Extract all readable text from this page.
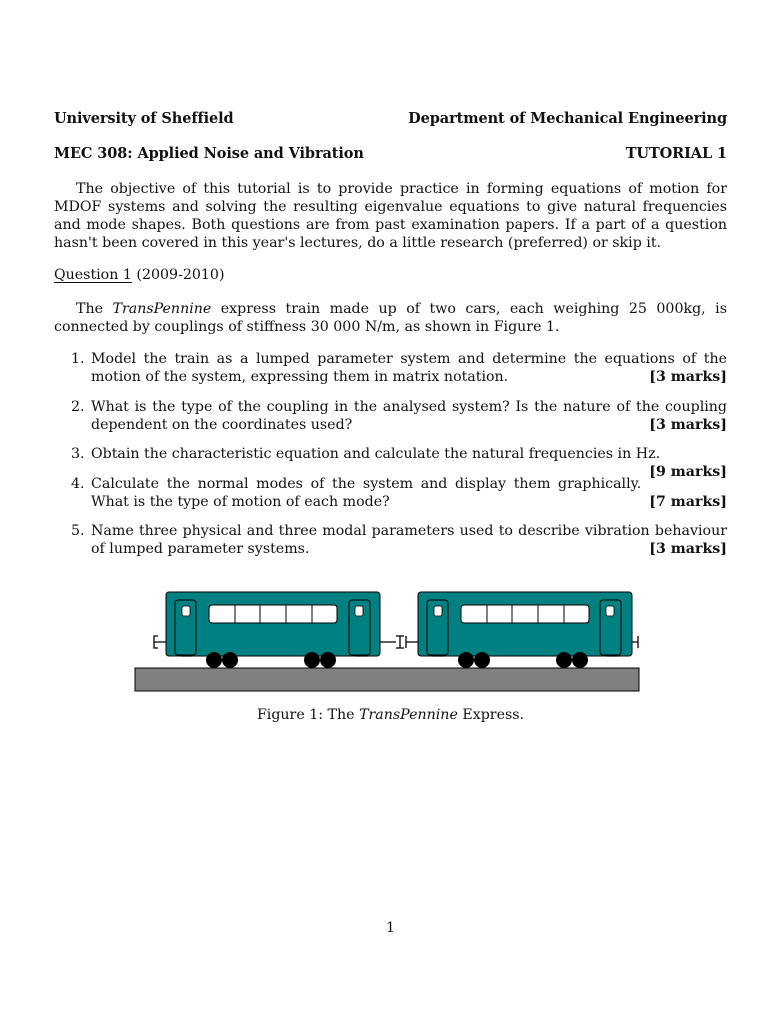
University of Sheffield	Department of Mechanical Engineering
MEC 308: Applied Noise and Vibration	TUTORIAL 1
The objective of this tutorial is to provide practice in forming equations of motion for MDOF systems and solving the resulting eigenvalue equations to give natural frequencies and mode shapes. Both questions are from past examination papers. If a part of a question hasn't been covered in this year's lectures, do a little research (preferred) or skip it.
Question 1 (2009-2010)
The TransPennine express train made up of two cars, each weighing 25 000kg, is connected by couplings of stiffness 30 000 N/m, as shown in Figure 1.
1. Model the train as a lumped parameter system and determine the equations of the motion of the system, expressing them in matrix notation.	[3 marks]
2. What is the type of the coupling in the analysed system? Is the nature of the coupling dependent on the coordinates used?	[3 marks]
3. Obtain the characteristic equation and calculate the natural frequencies in Hz.
[9 marks]
4. Calculate the normal modes of the system and display them graphically. What is the type of motion of each mode?	[7 marks]
5. Name three physical and three modal parameters used to describe vibration behaviour of lumped parameter systems.	[3 marks]
Figure 1: The TransPennine Express.
1
